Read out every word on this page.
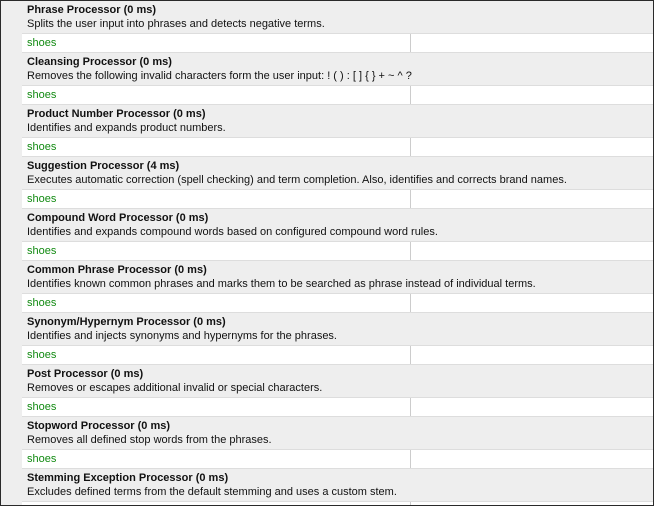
Phrase Processor (0 ms)
Splits the user input into phrases and detects negative terms.
shoes
Cleansing Processor (0 ms)
Removes the following invalid characters form the user input: ! ( ) : [ ] { } + ~ ^ ?
shoes
Product Number Processor (0 ms)
Identifies and expands product numbers.
shoes
Suggestion Processor (4 ms)
Executes automatic correction (spell checking) and term completion. Also, identifies and corrects brand names.
shoes
Compound Word Processor (0 ms)
Identifies and expands compound words based on configured compound word rules.
shoes
Common Phrase Processor (0 ms)
Identifies known common phrases and marks them to be searched as phrase instead of individual terms.
shoes
Synonym/Hypernym Processor (0 ms)
Identifies and injects synonyms and hypernyms for the phrases.
shoes
Post Processor (0 ms)
Removes or escapes additional invalid or special characters.
shoes
Stopword Processor (0 ms)
Removes all defined stop words from the phrases.
shoes
Stemming Exception Processor (0 ms)
Excludes defined terms from the default stemming and uses a custom stem.
